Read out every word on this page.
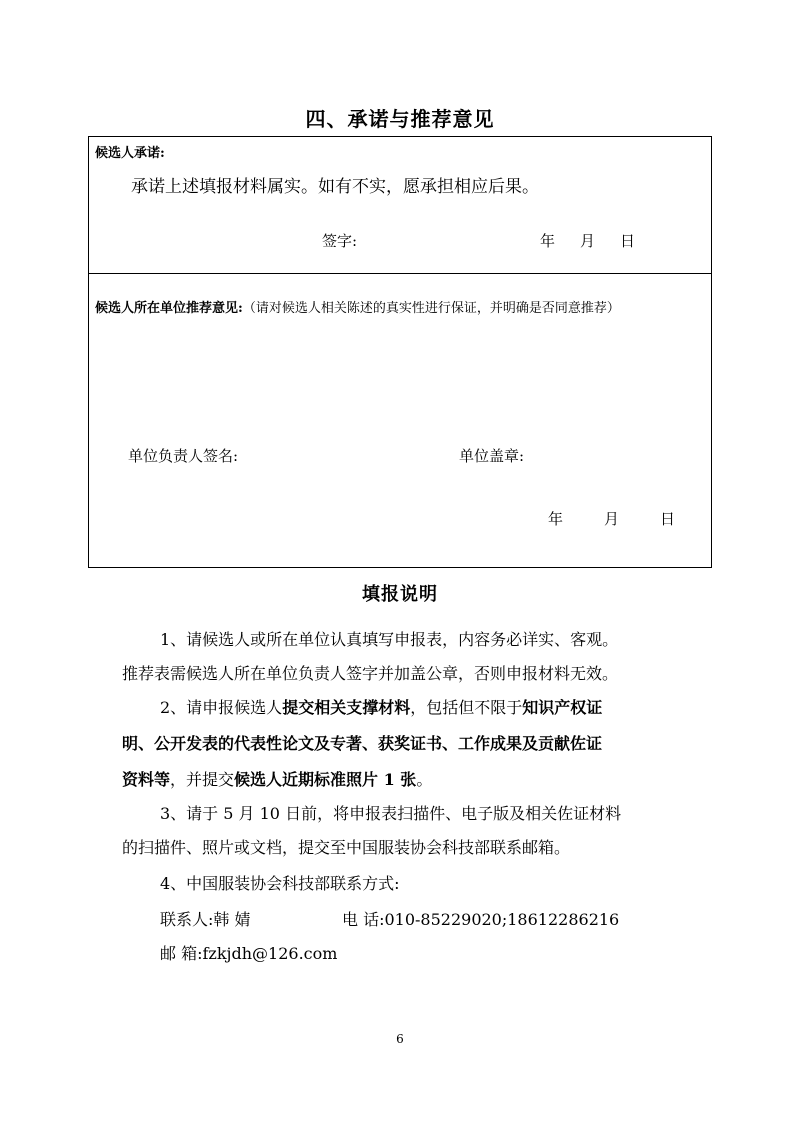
四、承诺与推荐意见
候选人承诺:
承诺上述填报材料属实。如有不实，愿承担相应后果。
签字:	年 月 日
候选人所在单位推荐意见:（请对候选人相关陈述的真实性进行保证，并明确是否同意推荐）
单位负责人签名:	单位盖章:
年	月	日
填报说明
1、请候选人或所在单位认真填写申报表，内容务必详实、客观。
推荐表需候选人所在单位负责人签字并加盖公章，否则申报材料无效。
2、请申报候选人提交相关支撑材料，包括但不限于知识产权证
明、公开发表的代表性论文及专著、获奖证书、工作成果及贡献佐证
资料等，并提交候选人近期标准照片 1 张。
3、请于 5 月 10 日前，将申报表扫描件、电子版及相关佐证材料
的扫描件、照片或文档，提交至中国服装协会科技部联系邮箱。
4、中国服装协会科技部联系方式:
联系人:韩 婧	电 话:010-85229020;18612286216
邮 箱:fzkjdh@126.com
6
